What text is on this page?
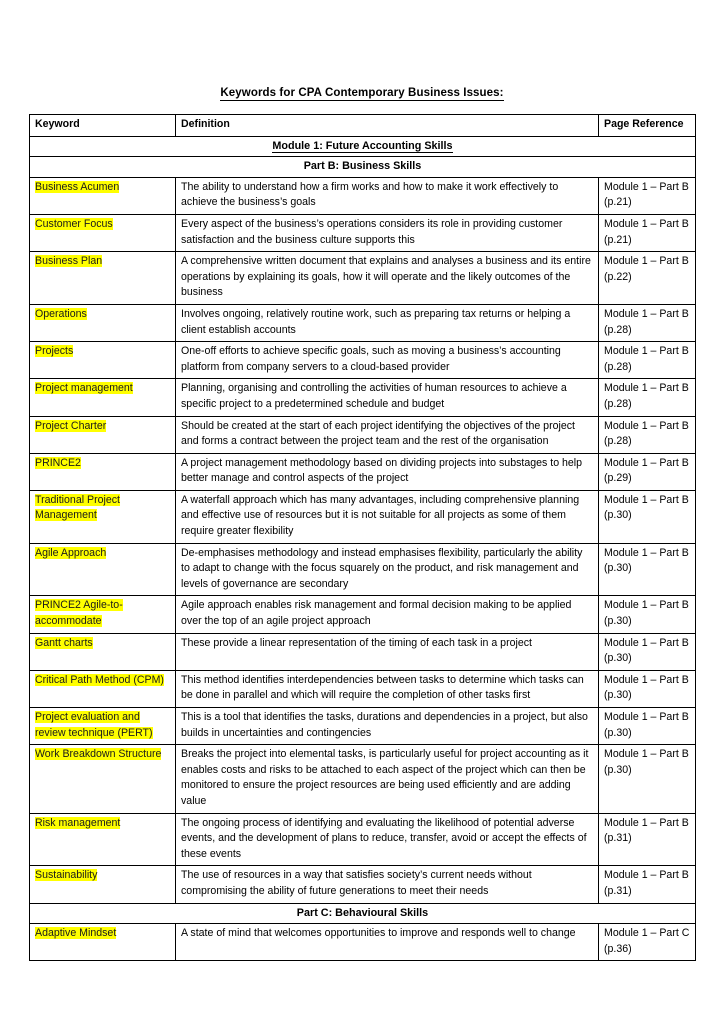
Keywords for CPA Contemporary Business Issues:
Keyword	Definition	Page Reference
Module 1: Future Accounting Skills		
Part B: Business Skills		
Business Acumen	The ability to understand how a firm works and how to make it work effectively to achieve the business’s goals	Module 1 – Part B (p.21)
Customer Focus	Every aspect of the business’s operations considers its role in providing customer satisfaction and the business culture supports this	Module 1 – Part B (p.21)
Business Plan	A comprehensive written document that explains and analyses a business and its entire operations by explaining its goals, how it will operate and the likely outcomes of the business	Module 1 – Part B (p.22)
Operations	Involves ongoing, relatively routine work, such as preparing tax returns or helping a client establish accounts	Module 1 – Part B (p.28)
Projects	One-off efforts to achieve specific goals, such as moving a business’s accounting platform from company servers to a cloud-based provider	Module 1 – Part B (p.28)
Project management	Planning, organising and controlling the activities of human resources to achieve a specific project to a predetermined schedule and budget	Module 1 – Part B (p.28)
Project Charter	Should be created at the start of each project identifying the objectives of the project and forms a contract between the project team and the rest of the organisation	Module 1 – Part B (p.28)
PRINCE2	A project management methodology based on dividing projects into substages to help better manage and control aspects of the project	Module 1 – Part B (p.29)
Traditional Project Management	A waterfall approach which has many advantages, including comprehensive planning and effective use of resources but it is not suitable for all projects as some of them require greater flexibility	Module 1 – Part B (p.30)
Agile Approach	De-emphasises methodology and instead emphasises flexibility, particularly the ability to adapt to change with the focus squarely on the product, and risk management and levels of governance are secondary	Module 1 – Part B (p.30)
PRINCE2 Agile-to-accommodate	Agile approach enables risk management and formal decision making to be applied over the top of an agile project approach	Module 1 – Part B (p.30)
Gantt charts	These provide a linear representation of the timing of each task in a project	Module 1 – Part B (p.30)
Critical Path Method (CPM)	This method identifies interdependencies between tasks to determine which tasks can be done in parallel and which will require the completion of other tasks first	Module 1 – Part B (p.30)
Project evaluation and review technique (PERT)	This is a tool that identifies the tasks, durations and dependencies in a project, but also builds in uncertainties and contingencies	Module 1 – Part B (p.30)
Work Breakdown Structure	Breaks the project into elemental tasks, is particularly useful for project accounting as it enables costs and risks to be attached to each aspect of the project which can then be monitored to ensure the project resources are being used efficiently and are adding value	Module 1 – Part B (p.30)
Risk management	The ongoing process of identifying and evaluating the likelihood of potential adverse events, and the development of plans to reduce, transfer, avoid or accept the effects of these events	Module 1 – Part B (p.31)
Sustainability	The use of resources in a way that satisfies society’s current needs without compromising the ability of future generations to meet their needs	Module 1 – Part B (p.31)
Part C: Behavioural Skills		
Adaptive Mindset	A state of mind that welcomes opportunities to improve and responds well to change	Module 1 – Part C (p.36)
